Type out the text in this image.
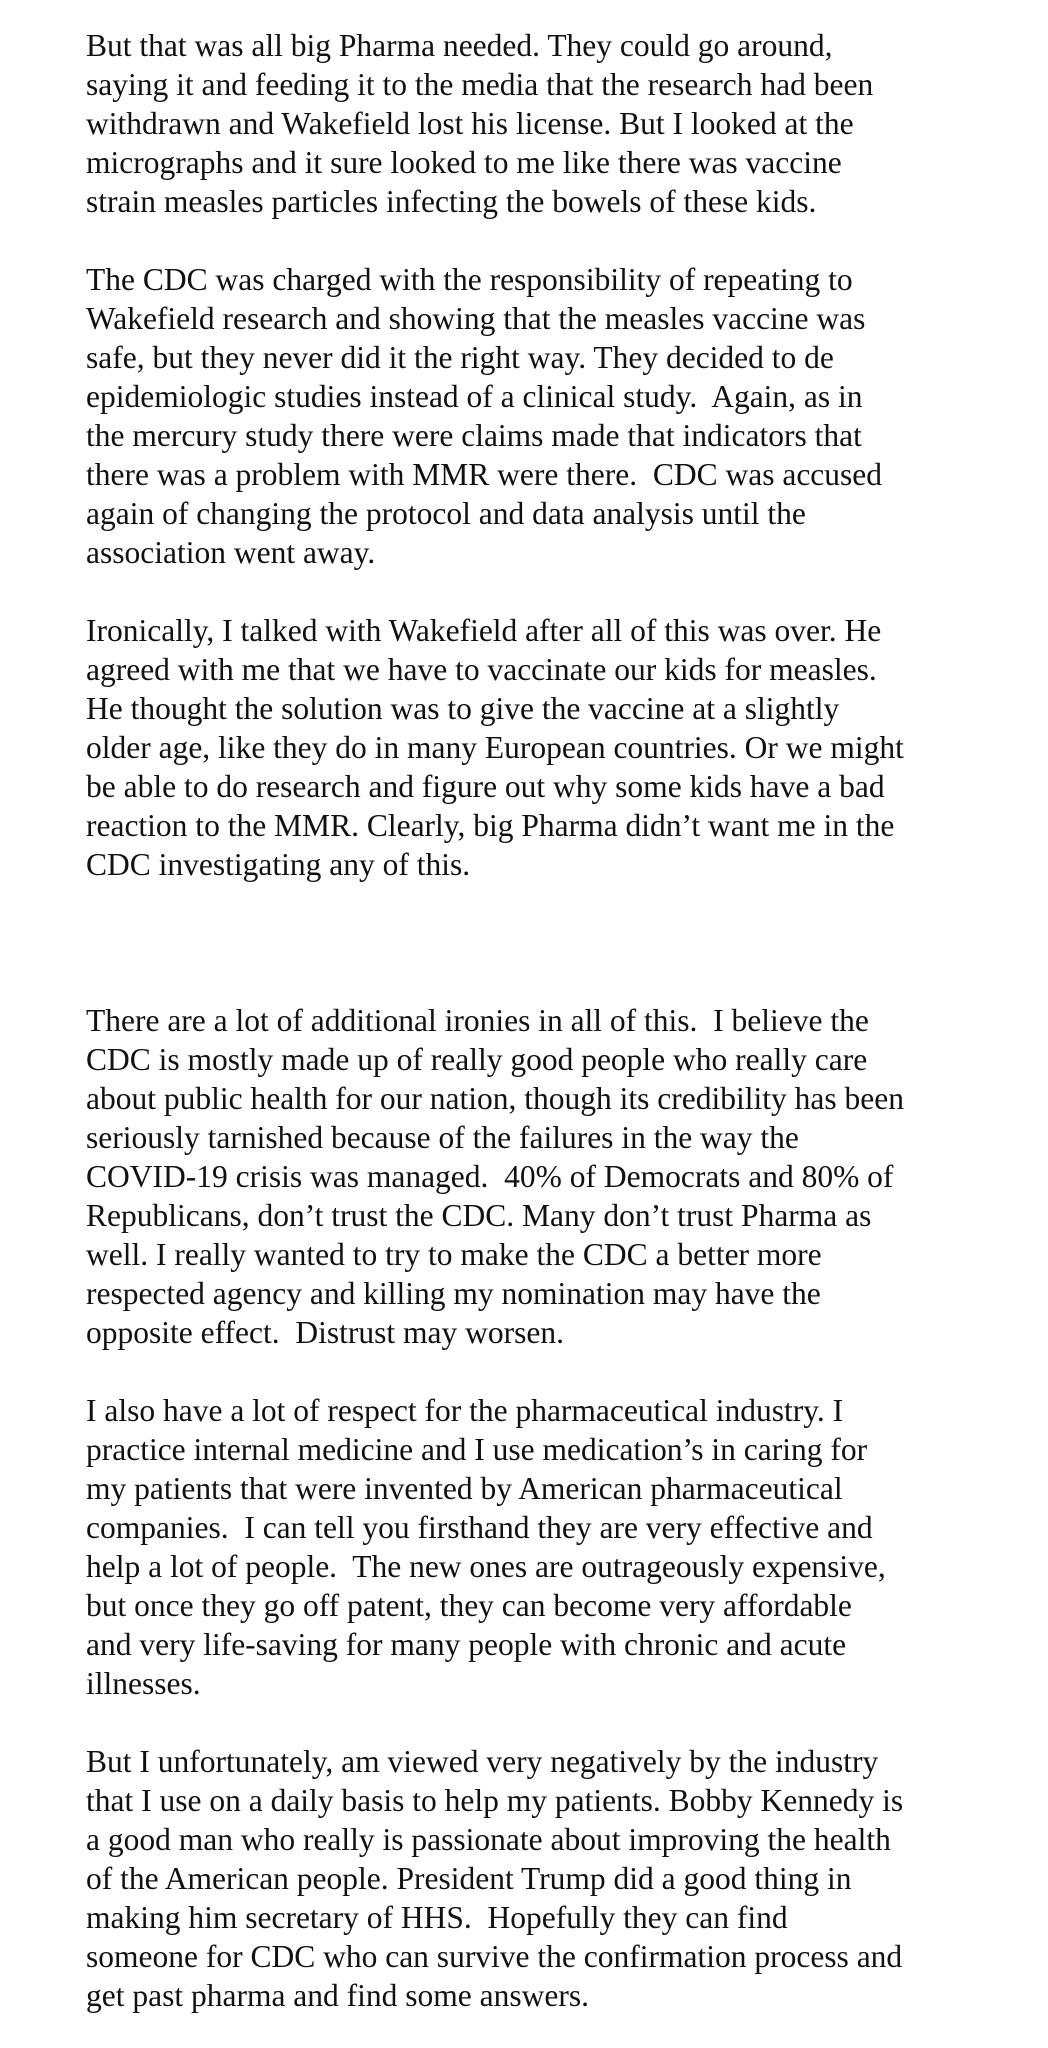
But that was all big Pharma needed. They could go around,
saying it and feeding it to the media that the research had been
withdrawn and Wakefield lost his license. But I looked at the
micrographs and it sure looked to me like there was vaccine
strain measles particles infecting the bowels of these kids.

The CDC was charged with the responsibility of repeating to
Wakefield research and showing that the measles vaccine was
safe, but they never did it the right way. They decided to de
epidemiologic studies instead of a clinical study.  Again, as in
the mercury study there were claims made that indicators that
there was a problem with MMR were there.  CDC was accused
again of changing the protocol and data analysis until the
association went away.

Ironically, I talked with Wakefield after all of this was over. He
agreed with me that we have to vaccinate our kids for measles.
He thought the solution was to give the vaccine at a slightly
older age, like they do in many European countries. Or we might
be able to do research and figure out why some kids have a bad
reaction to the MMR. Clearly, big Pharma didn’t want me in the
CDC investigating any of this.

There are a lot of additional ironies in all of this.  I believe the
CDC is mostly made up of really good people who really care
about public health for our nation, though its credibility has been
seriously tarnished because of the failures in the way the
COVID-19 crisis was managed.  40% of Democrats and 80% of
Republicans, don’t trust the CDC. Many don’t trust Pharma as
well. I really wanted to try to make the CDC a better more
respected agency and killing my nomination may have the
opposite effect.  Distrust may worsen.

I also have a lot of respect for the pharmaceutical industry. I
practice internal medicine and I use medication’s in caring for
my patients that were invented by American pharmaceutical
companies.  I can tell you firsthand they are very effective and
help a lot of people.  The new ones are outrageously expensive,
but once they go off patent, they can become very affordable
and very life-saving for many people with chronic and acute
illnesses.

But I unfortunately, am viewed very negatively by the industry
that I use on a daily basis to help my patients. Bobby Kennedy is
a good man who really is passionate about improving the health
of the American people. President Trump did a good thing in
making him secretary of HHS.  Hopefully they can find
someone for CDC who can survive the confirmation process and
get past pharma and find some answers.
